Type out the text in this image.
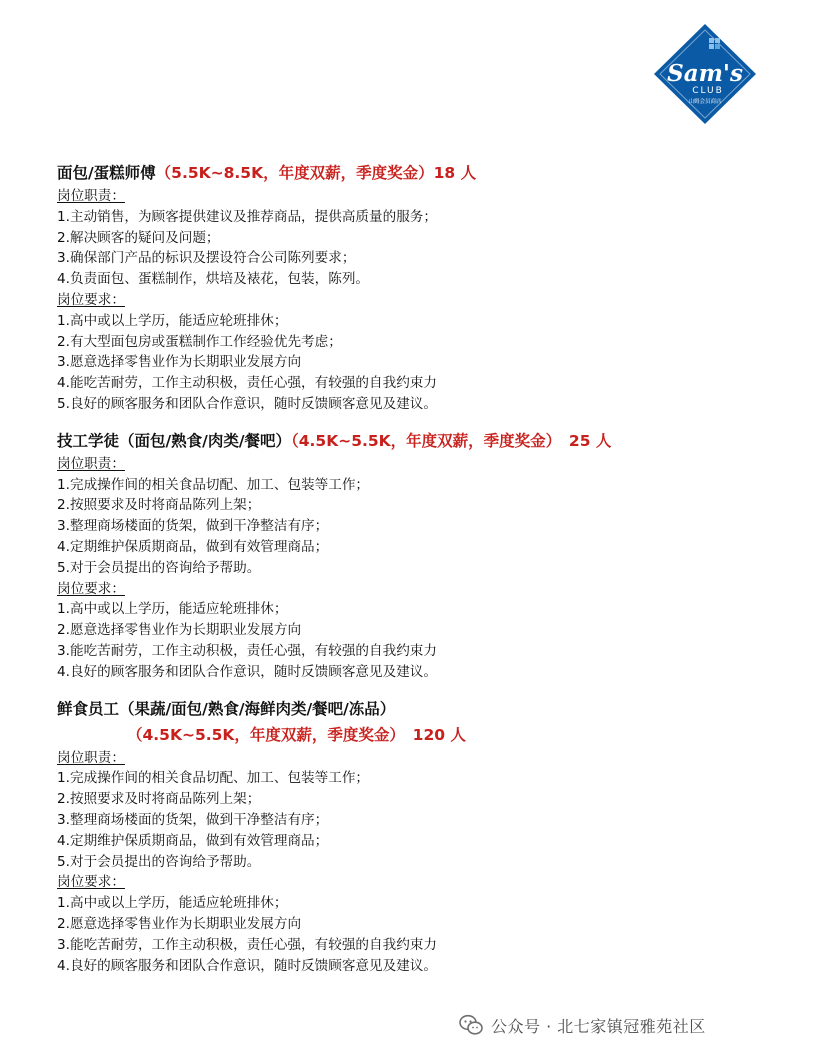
Sam's
CLUB
山姆会员商店
面包/蛋糕师傅（5.5K~8.5K，年度双薪，季度奖金）18 人
岗位职责：
1.主动销售，为顾客提供建议及推荐商品，提供高质量的服务；
2.解决顾客的疑问及问题；
3.确保部门产品的标识及摆设符合公司陈列要求；
4.负责面包、蛋糕制作，烘培及裱花，包装，陈列。
岗位要求：
1.高中或以上学历，能适应轮班排休；
2.有大型面包房或蛋糕制作工作经验优先考虑；
3.愿意选择零售业作为长期职业发展方向
4.能吃苦耐劳，工作主动积极，责任心强，有较强的自我约束力
5.良好的顾客服务和团队合作意识，随时反馈顾客意见及建议。
技工学徒（面包/熟食/肉类/餐吧）（4.5K~5.5K，年度双薪，季度奖金）　25 人
岗位职责：
1.完成操作间的相关食品切配、加工、包装等工作；
2.按照要求及时将商品陈列上架；
3.整理商场楼面的货架，做到干净整洁有序；
4.定期维护保质期商品，做到有效管理商品；
5.对于会员提出的咨询给予帮助。
岗位要求：
1.高中或以上学历，能适应轮班排休；
2.愿意选择零售业作为长期职业发展方向
3.能吃苦耐劳，工作主动积极，责任心强，有较强的自我约束力
4.良好的顾客服务和团队合作意识，随时反馈顾客意见及建议。
鲜食员工（果蔬/面包/熟食/海鲜肉类/餐吧/冻品）
（4.5K~5.5K，年度双薪，季度奖金）　120 人
岗位职责：
1.完成操作间的相关食品切配、加工、包装等工作；
2.按照要求及时将商品陈列上架；
3.整理商场楼面的货架，做到干净整洁有序；
4.定期维护保质期商品，做到有效管理商品；
5.对于会员提出的咨询给予帮助。
岗位要求：
1.高中或以上学历，能适应轮班排休；
2.愿意选择零售业作为长期职业发展方向
3.能吃苦耐劳，工作主动积极，责任心强，有较强的自我约束力
4.良好的顾客服务和团队合作意识，随时反馈顾客意见及建议。
公众号 · 北七家镇冠雅苑社区
